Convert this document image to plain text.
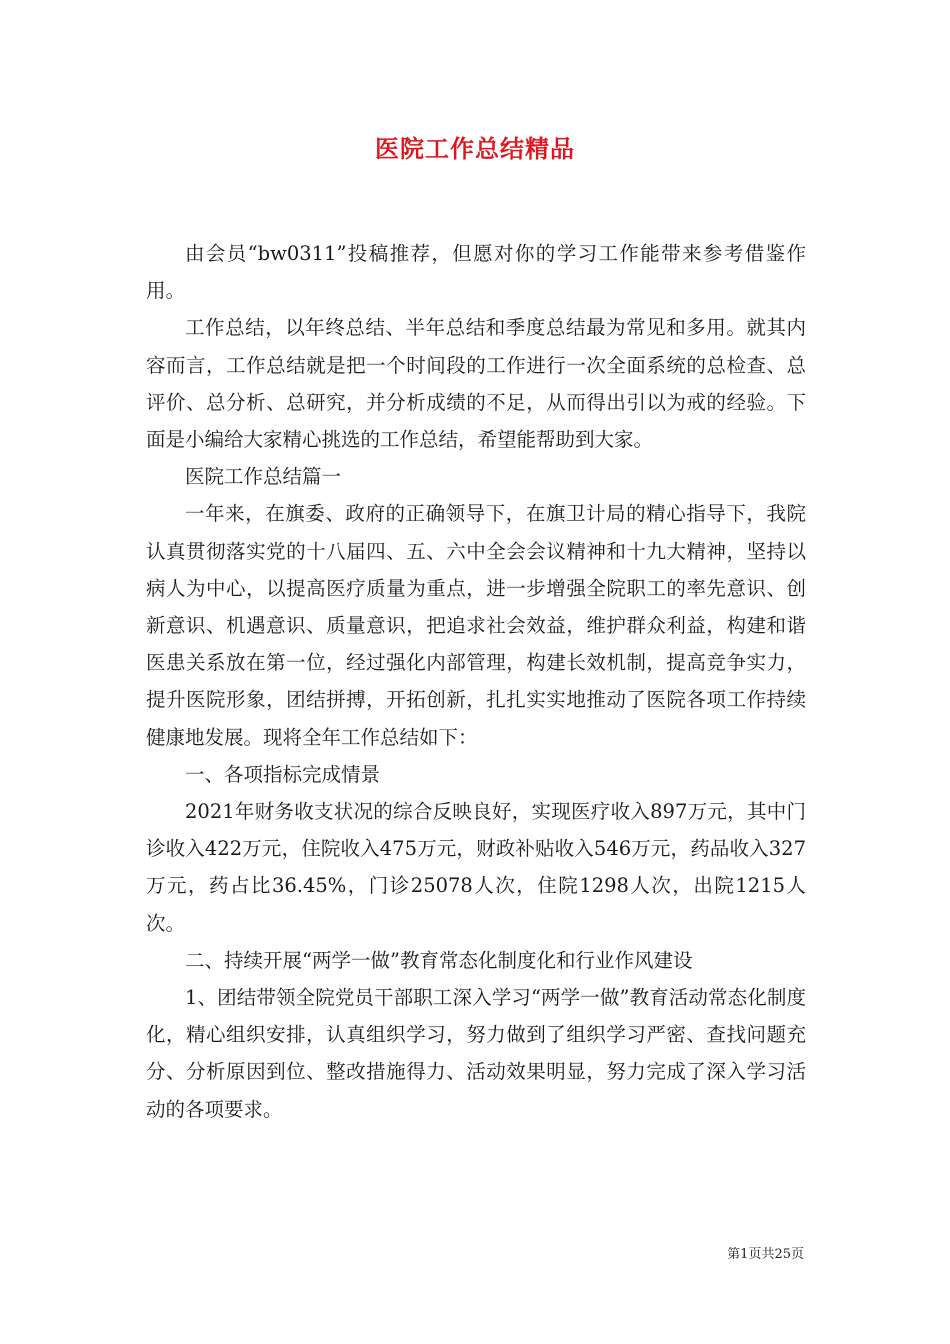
医院工作总结精品

由会员“bw0311”投稿推荐，但愿对你的学习工作能带来参考借鉴作用。

工作总结，以年终总结、半年总结和季度总结最为常见和多用。就其内容而言，工作总结就是把一个时间段的工作进行一次全面系统的总检查、总评价、总分析、总研究，并分析成绩的不足，从而得出引以为戒的经验。下面是小编给大家精心挑选的工作总结，希望能帮助到大家。

医院工作总结篇一

一年来，在旗委、政府的正确领导下，在旗卫计局的精心指导下，我院认真贯彻落实党的十八届四、五、六中全会会议精神和十九大精神，坚持以病人为中心，以提高医疗质量为重点，进一步增强全院职工的率先意识、创新意识、机遇意识、质量意识，把追求社会效益，维护群众利益，构建和谐医患关系放在第一位，经过强化内部管理，构建长效机制，提高竞争实力，提升医院形象，团结拼搏，开拓创新，扎扎实实地推动了医院各项工作持续健康地发展。现将全年工作总结如下：

一、各项指标完成情景

2021年财务收支状况的综合反映良好，实现医疗收入897万元，其中门诊收入422万元，住院收入475万元，财政补贴收入546万元，药品收入327万元，药占比36.45%，门诊25078人次，住院1298人次，出院1215人次。

二、持续开展“两学一做”教育常态化制度化和行业作风建设

1、团结带领全院党员干部职工深入学习“两学一做”教育活动常态化制度化，精心组织安排，认真组织学习，努力做到了组织学习严密、查找问题充分、分析原因到位、整改措施得力、活动效果明显，努力完成了深入学习活动的各项要求。

第1页共25页
